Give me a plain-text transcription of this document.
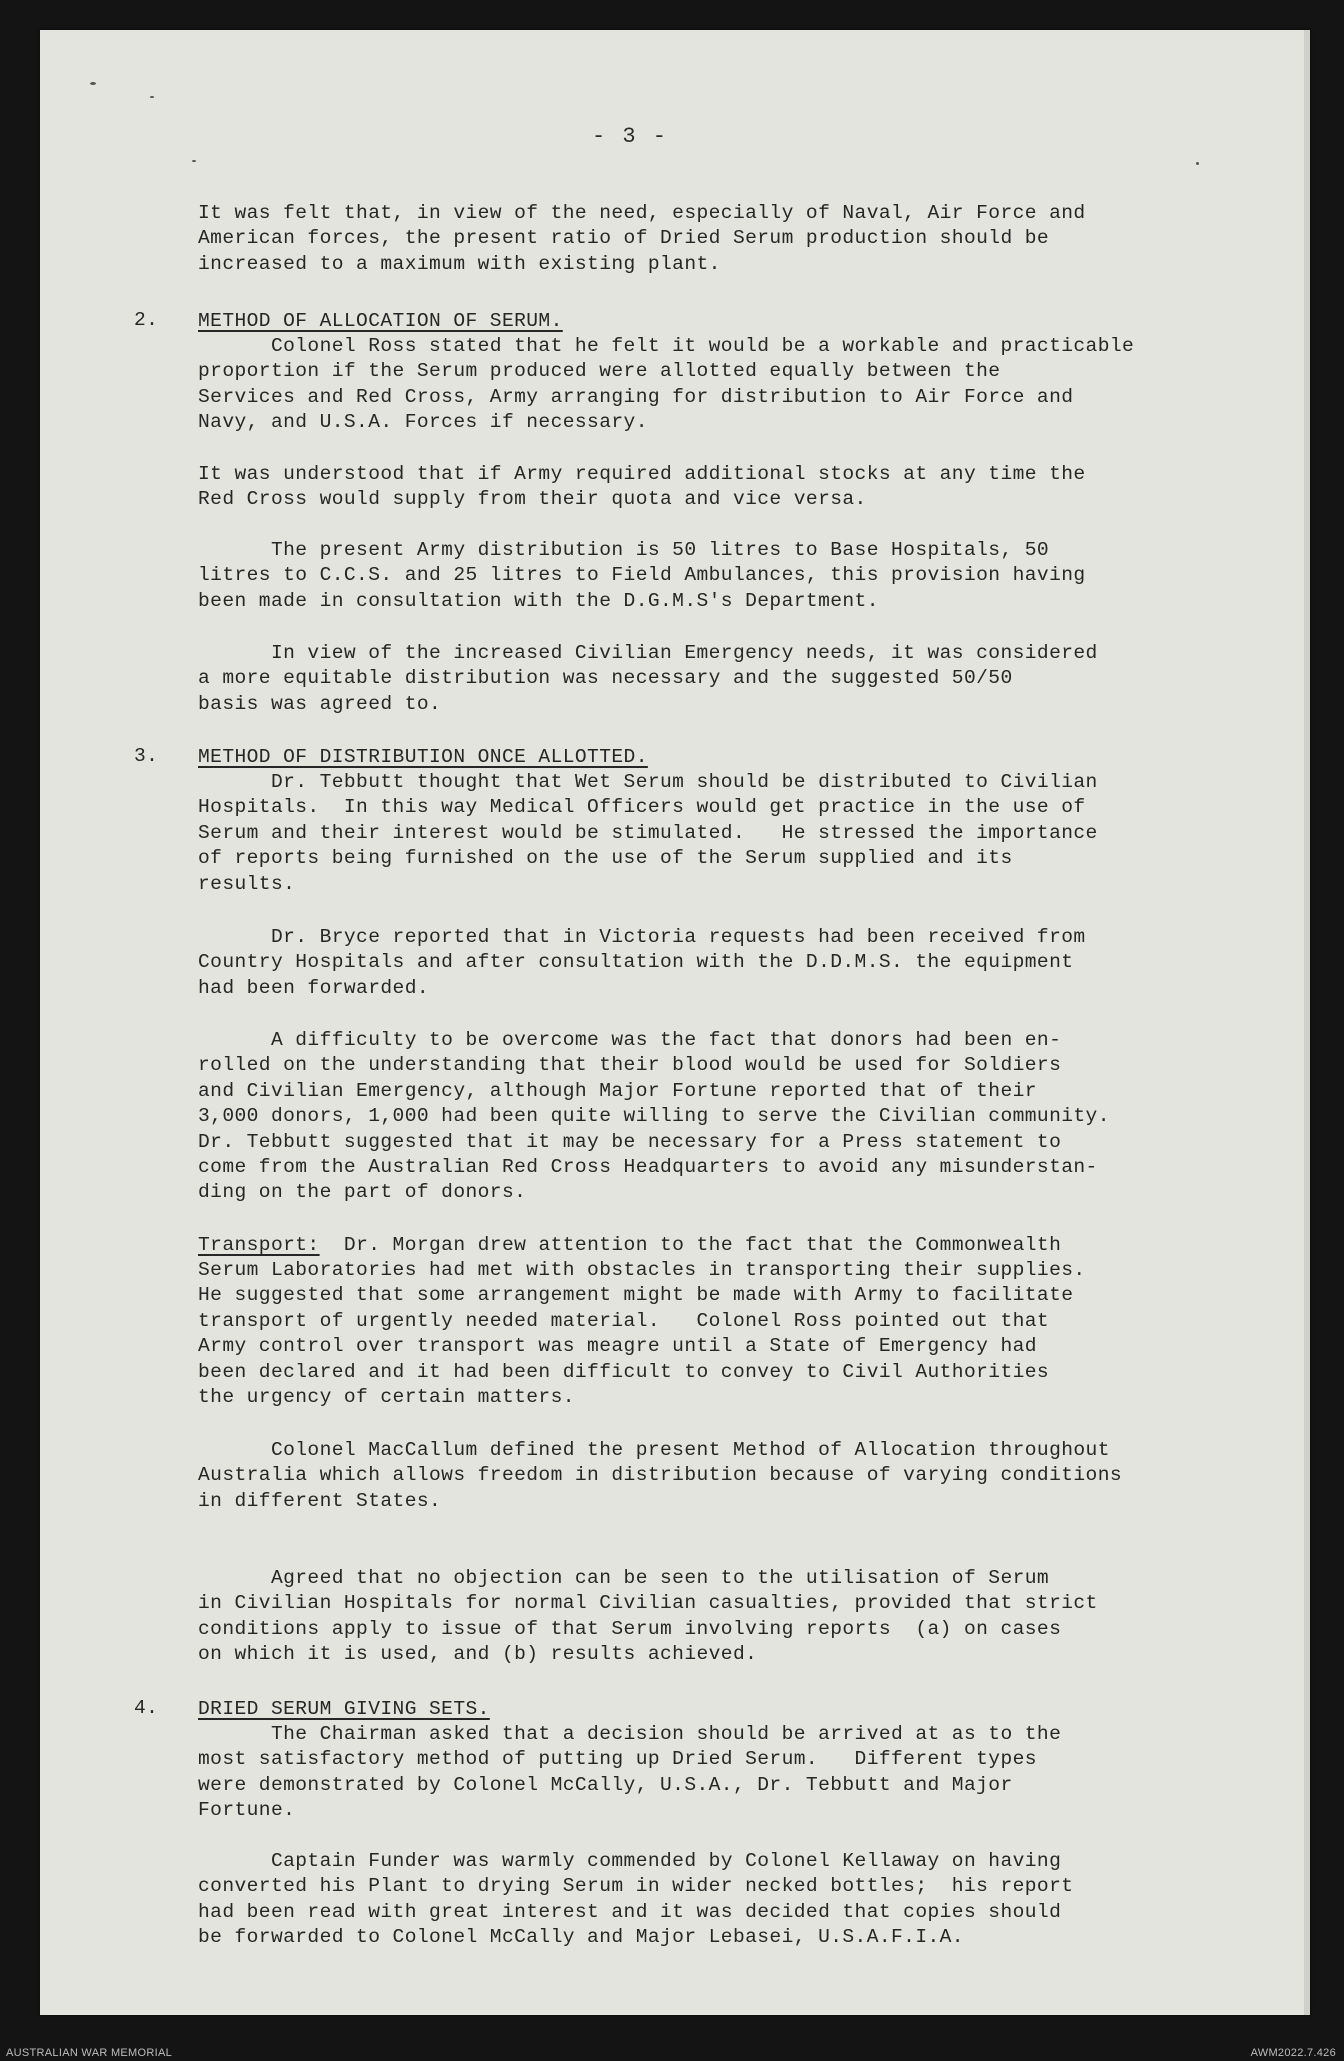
- 3 -

It was felt that, in view of the need, especially of Naval, Air Force and
American forces, the present ratio of Dried Serum production should be
increased to a maximum with existing plant.

2. METHOD OF ALLOCATION OF SERUM.

Colonel Ross stated that he felt it would be a workable and practicable
proportion if the Serum produced were allotted equally between the
Services and Red Cross, Army arranging for distribution to Air Force and
Navy, and U.S.A. Forces if necessary.

It was understood that if Army required additional stocks at any time the
Red Cross would supply from their quota and vice versa.

The present Army distribution is 50 litres to Base Hospitals, 50
litres to C.C.S. and 25 litres to Field Ambulances, this provision having
been made in consultation with the D.G.M.S's Department.

In view of the increased Civilian Emergency needs, it was considered
a more equitable distribution was necessary and the suggested 50/50
basis was agreed to.

3. METHOD OF DISTRIBUTION ONCE ALLOTTED.

Dr. Tebbutt thought that Wet Serum should be distributed to Civilian
Hospitals.  In this way Medical Officers would get practice in the use of
Serum and their interest would be stimulated.   He stressed the importance
of reports being furnished on the use of the Serum supplied and its
results.

Dr. Bryce reported that in Victoria requests had been received from
Country Hospitals and after consultation with the D.D.M.S. the equipment
had been forwarded.

A difficulty to be overcome was the fact that donors had been en-
rolled on the understanding that their blood would be used for Soldiers
and Civilian Emergency, although Major Fortune reported that of their
3,000 donors, 1,000 had been quite willing to serve the Civilian community.
Dr. Tebbutt suggested that it may be necessary for a Press statement to
come from the Australian Red Cross Headquarters to avoid any misunderstan-
ding on the part of donors.

Transport:  Dr. Morgan drew attention to the fact that the Commonwealth

Serum Laboratories had met with obstacles in transporting their supplies.
He suggested that some arrangement might be made with Army to facilitate
transport of urgently needed material.   Colonel Ross pointed out that
Army control over transport was meagre until a State of Emergency had
been declared and it had been difficult to convey to Civil Authorities
the urgency of certain matters.

Colonel MacCallum defined the present Method of Allocation throughout
Australia which allows freedom in distribution because of varying conditions
in different States.

Agreed that no objection can be seen to the utilisation of Serum
in Civilian Hospitals for normal Civilian casualties, provided that strict
conditions apply to issue of that Serum involving reports  (a) on cases
on which it is used, and (b) results achieved.

4. DRIED SERUM GIVING SETS.

The Chairman asked that a decision should be arrived at as to the
most satisfactory method of putting up Dried Serum.   Different types
were demonstrated by Colonel McCally, U.S.A., Dr. Tebbutt and Major
Fortune.

Captain Funder was warmly commended by Colonel Kellaway on having
converted his Plant to drying Serum in wider necked bottles;  his report
had been read with great interest and it was decided that copies should
be forwarded to Colonel McCally and Major Lebasei, U.S.A.F.I.A.

AUSTRALIAN WAR MEMORIAL	AWM2022.7.426
